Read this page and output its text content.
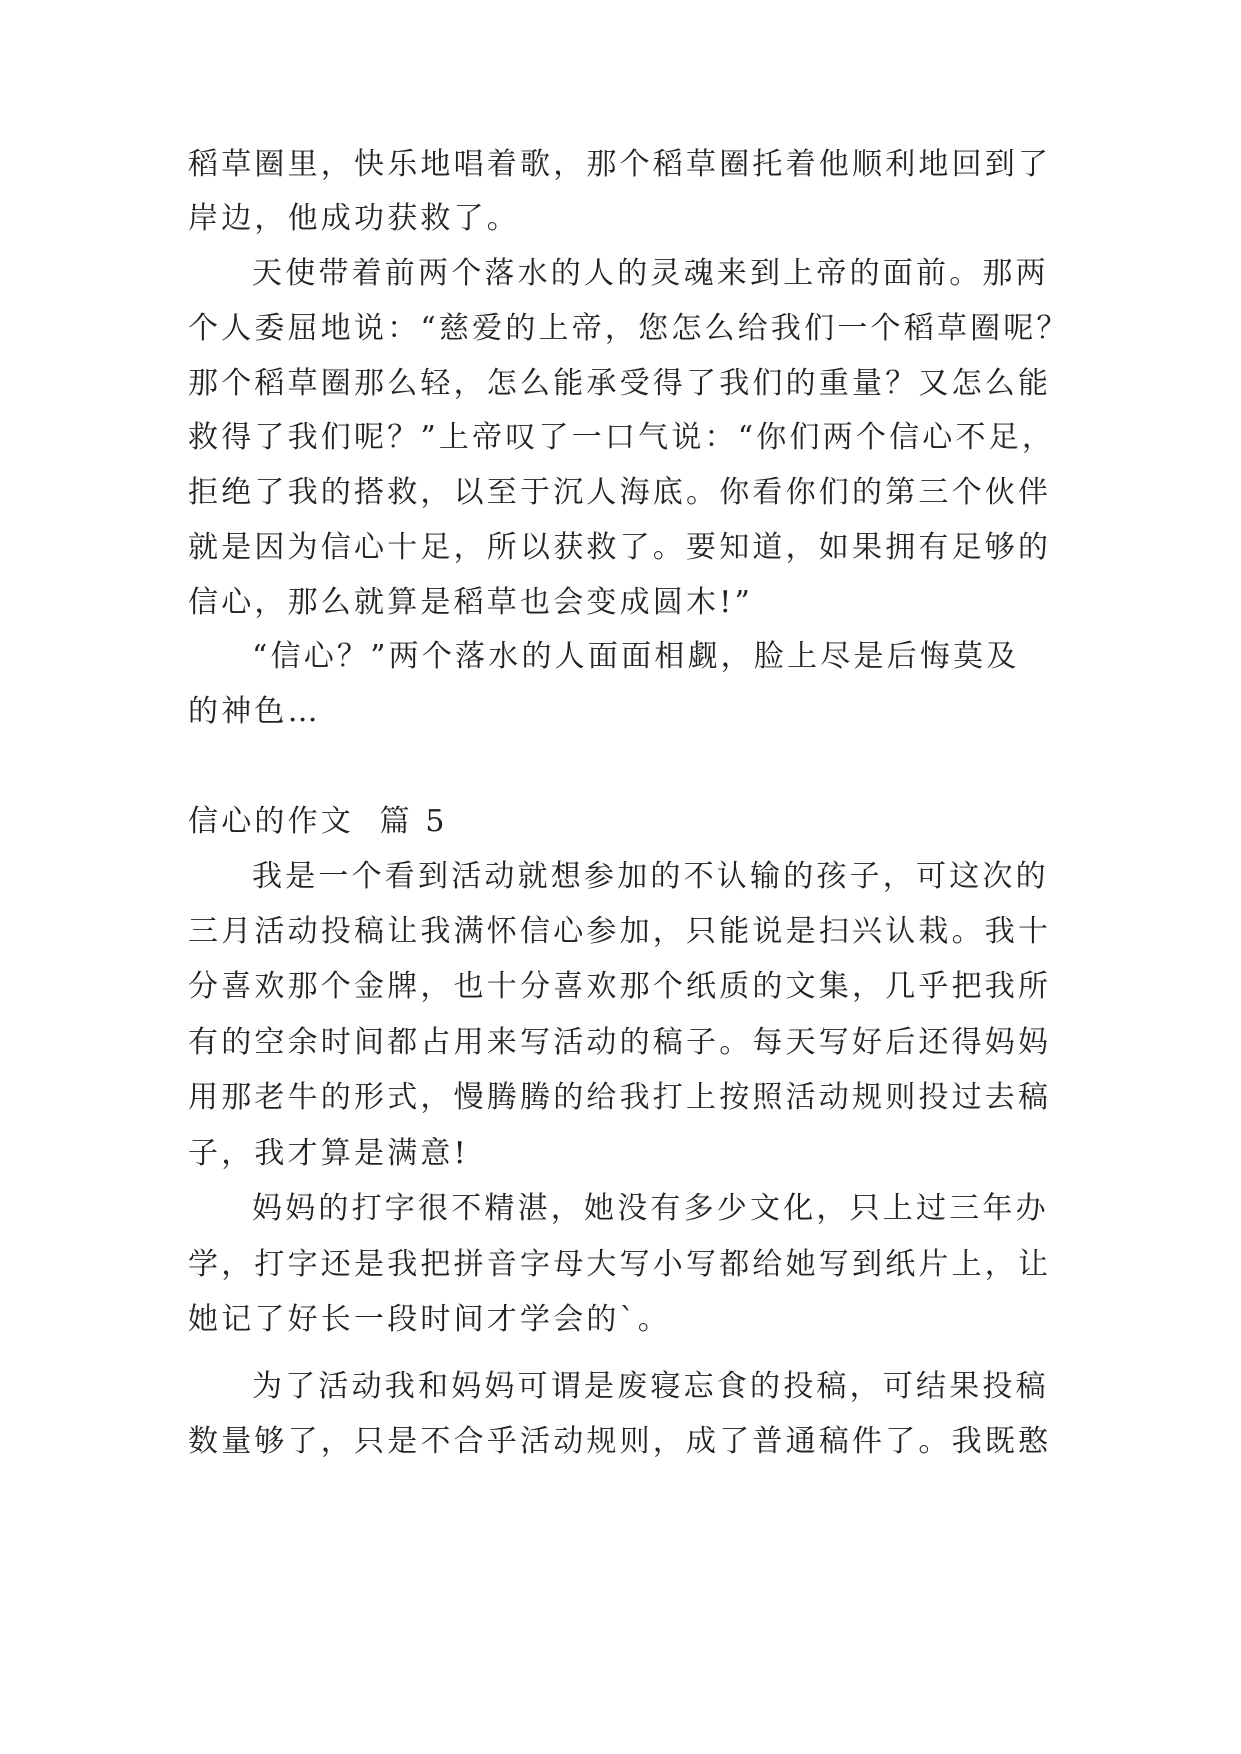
稻草圈里，快乐地唱着歌，那个稻草圈托着他顺利地回到了
岸边，他成功获救了。
天使带着前两个落水的人的灵魂来到上帝的面前。那两
个人委屈地说：“慈爱的上帝，您怎么给我们一个稻草圈呢？
那个稻草圈那么轻，怎么能承受得了我们的重量？又怎么能
救得了我们呢？”上帝叹了一口气说：“你们两个信心不足，
拒绝了我的搭救，以至于沉人海底。你看你们的第三个伙伴
就是因为信心十足，所以获救了。要知道，如果拥有足够的
信心，那么就算是稻草也会变成圆木!”
“信心？”两个落水的人面面相觑，脸上尽是后悔莫及
的神色…
信心的作文  篇 5
我是一个看到活动就想参加的不认输的孩子，可这次的
三月活动投稿让我满怀信心参加，只能说是扫兴认栽。我十
分喜欢那个金牌，也十分喜欢那个纸质的文集，几乎把我所
有的空余时间都占用来写活动的稿子。每天写好后还得妈妈
用那老牛的形式，慢腾腾的给我打上按照活动规则投过去稿
子，我才算是满意!
妈妈的打字很不精湛，她没有多少文化，只上过三年办
学，打字还是我把拼音字母大写小写都给她写到纸片上，让
她记了好长一段时间才学会的`。
为了活动我和妈妈可谓是废寝忘食的投稿，可结果投稿
数量够了，只是不合乎活动规则，成了普通稿件了。我既憨
